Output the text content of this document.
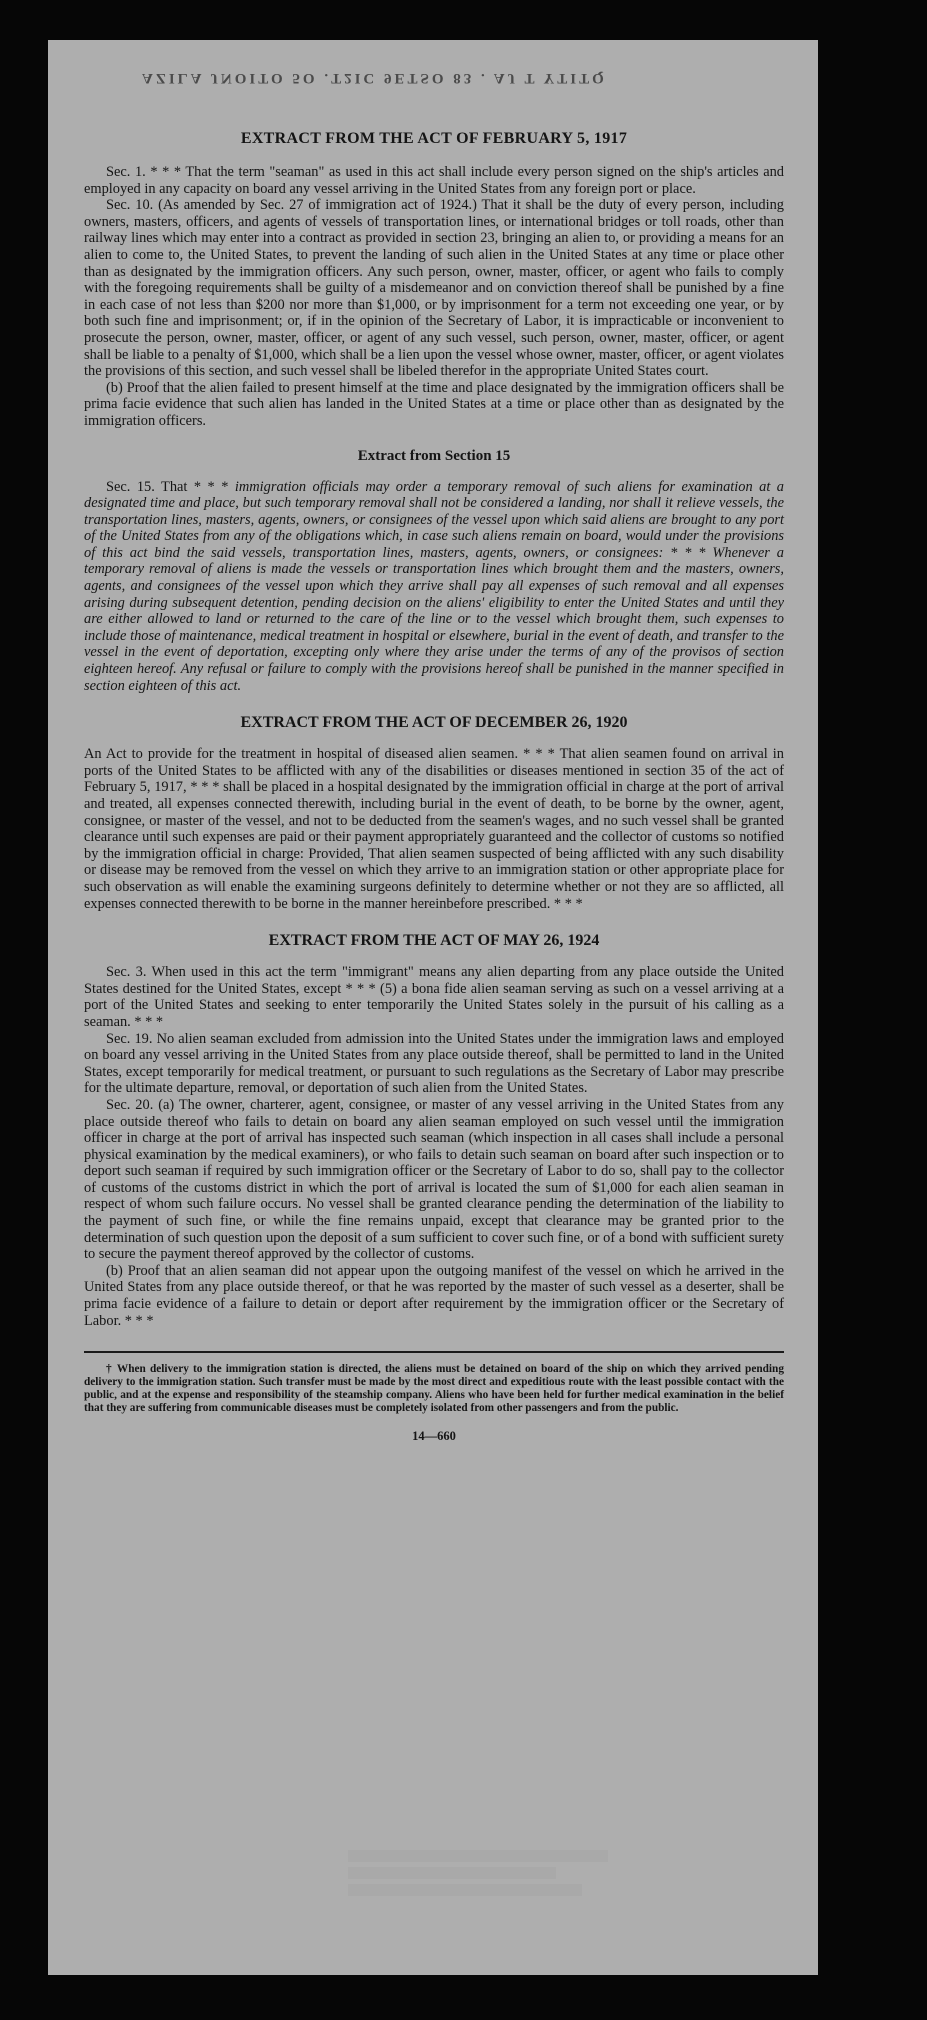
AZILA JNOITO 5O .T2IC 9ETSO 83 . AJ T YTITQ
EXTRACT FROM THE ACT OF FEBRUARY 5, 1917

Sec. 1. * * * That the term "seaman" as used in this act shall include every person signed on the ship's articles and employed in any capacity on board any vessel arriving in the United States from any foreign port or place.

Sec. 10. (As amended by Sec. 27 of immigration act of 1924.) That it shall be the duty of every person, including owners, masters, officers, and agents of vessels of transportation lines, or international bridges or toll roads, other than railway lines which may enter into a contract as provided in section 23, bringing an alien to, or providing a means for an alien to come to, the United States, to prevent the landing of such alien in the United States at any time or place other than as designated by the immigration officers. Any such person, owner, master, officer, or agent who fails to comply with the foregoing requirements shall be guilty of a misdemeanor and on conviction thereof shall be punished by a fine in each case of not less than $200 nor more than $1,000, or by imprisonment for a term not exceeding one year, or by both such fine and imprisonment; or, if in the opinion of the Secretary of Labor, it is impracticable or inconvenient to prosecute the person, owner, master, officer, or agent of any such vessel, such person, owner, master, officer, or agent shall be liable to a penalty of $1,000, which shall be a lien upon the vessel whose owner, master, officer, or agent violates the provisions of this section, and such vessel shall be libeled therefor in the appropriate United States court.

(b) Proof that the alien failed to present himself at the time and place designated by the immigration officers shall be prima facie evidence that such alien has landed in the United States at a time or place other than as designated by the immigration officers.

Extract from Section 15

Sec. 15. That * * * immigration officials may order a temporary removal of such aliens for examination at a designated time and place, but such temporary removal shall not be considered a landing, nor shall it relieve vessels, the transportation lines, masters, agents, owners, or consignees of the vessel upon which said aliens are brought to any port of the United States from any of the obligations which, in case such aliens remain on board, would under the provisions of this act bind the said vessels, transportation lines, masters, agents, owners, or consignees: * * * Whenever a temporary removal of aliens is made the vessels or transportation lines which brought them and the masters, owners, agents, and consignees of the vessel upon which they arrive shall pay all expenses of such removal and all expenses arising during subsequent detention, pending decision on the aliens' eligibility to enter the United States and until they are either allowed to land or returned to the care of the line or to the vessel which brought them, such expenses to include those of maintenance, medical treatment in hospital or elsewhere, burial in the event of death, and transfer to the vessel in the event of deportation, excepting only where they arise under the terms of any of the provisos of section eighteen hereof. Any refusal or failure to comply with the provisions hereof shall be punished in the manner specified in section eighteen of this act.

EXTRACT FROM THE ACT OF DECEMBER 26, 1920

An Act to provide for the treatment in hospital of diseased alien seamen. * * * That alien seamen found on arrival in ports of the United States to be afflicted with any of the disabilities or diseases mentioned in section 35 of the act of February 5, 1917, * * * shall be placed in a hospital designated by the immigration official in charge at the port of arrival and treated, all expenses connected therewith, including burial in the event of death, to be borne by the owner, agent, consignee, or master of the vessel, and not to be deducted from the seamen's wages, and no such vessel shall be granted clearance until such expenses are paid or their payment appropriately guaranteed and the collector of customs so notified by the immigration official in charge: Provided, That alien seamen suspected of being afflicted with any such disability or disease may be removed from the vessel on which they arrive to an immigration station or other appropriate place for such observation as will enable the examining surgeons definitely to determine whether or not they are so afflicted, all expenses connected therewith to be borne in the manner hereinbefore prescribed. * * *

EXTRACT FROM THE ACT OF MAY 26, 1924

Sec. 3. When used in this act the term "immigrant" means any alien departing from any place outside the United States destined for the United States, except * * * (5) a bona fide alien seaman serving as such on a vessel arriving at a port of the United States and seeking to enter temporarily the United States solely in the pursuit of his calling as a seaman. * * *

Sec. 19. No alien seaman excluded from admission into the United States under the immigration laws and employed on board any vessel arriving in the United States from any place outside thereof, shall be permitted to land in the United States, except temporarily for medical treatment, or pursuant to such regulations as the Secretary of Labor may prescribe for the ultimate departure, removal, or deportation of such alien from the United States.

Sec. 20. (a) The owner, charterer, agent, consignee, or master of any vessel arriving in the United States from any place outside thereof who fails to detain on board any alien seaman employed on such vessel until the immigration officer in charge at the port of arrival has inspected such seaman (which inspection in all cases shall include a personal physical examination by the medical examiners), or who fails to detain such seaman on board after such inspection or to deport such seaman if required by such immigration officer or the Secretary of Labor to do so, shall pay to the collector of customs of the customs district in which the port of arrival is located the sum of $1,000 for each alien seaman in respect of whom such failure occurs. No vessel shall be granted clearance pending the determination of the liability to the payment of such fine, or while the fine remains unpaid, except that clearance may be granted prior to the determination of such question upon the deposit of a sum sufficient to cover such fine, or of a bond with sufficient surety to secure the payment thereof approved by the collector of customs.

(b) Proof that an alien seaman did not appear upon the outgoing manifest of the vessel on which he arrived in the United States from any place outside thereof, or that he was reported by the master of such vessel as a deserter, shall be prima facie evidence of a failure to detain or deport after requirement by the immigration officer or the Secretary of Labor. * * *

† When delivery to the immigration station is directed, the aliens must be detained on board of the ship on which they arrived pending delivery to the immigration station. Such transfer must be made by the most direct and expeditious route with the least possible contact with the public, and at the expense and responsibility of the steamship company. Aliens who have been held for further medical examination in the belief that they are suffering from communicable diseases must be completely isolated from other passengers and from the public.

14—660
